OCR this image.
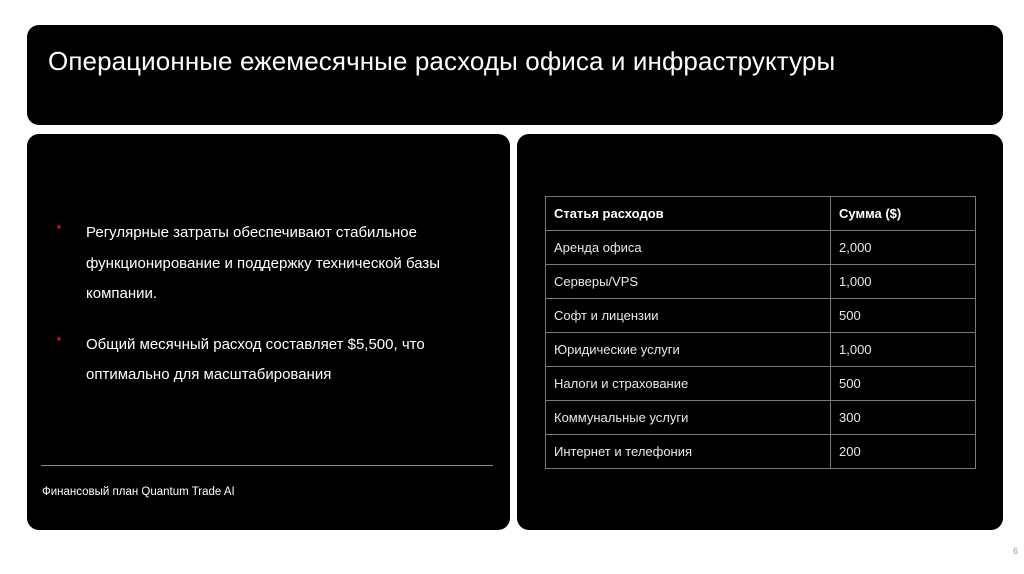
Операционные ежемесячные расходы офиса и инфраструктуры
• Регулярные затраты обеспечивают стабильное функционирование и поддержку технической базы компании.
• Общий месячный расход составляет $5,500, что оптимально для масштабирования
Финансовый план Quantum Trade AI
Статья расходов	Сумма ($)
Аренда офиса	2,000
Серверы/VPS	1,000
Софт и лицензии	500
Юридические услуги	1,000
Налоги и страхование	500
Коммунальные услуги	300
Интернет и телефония	200
6
